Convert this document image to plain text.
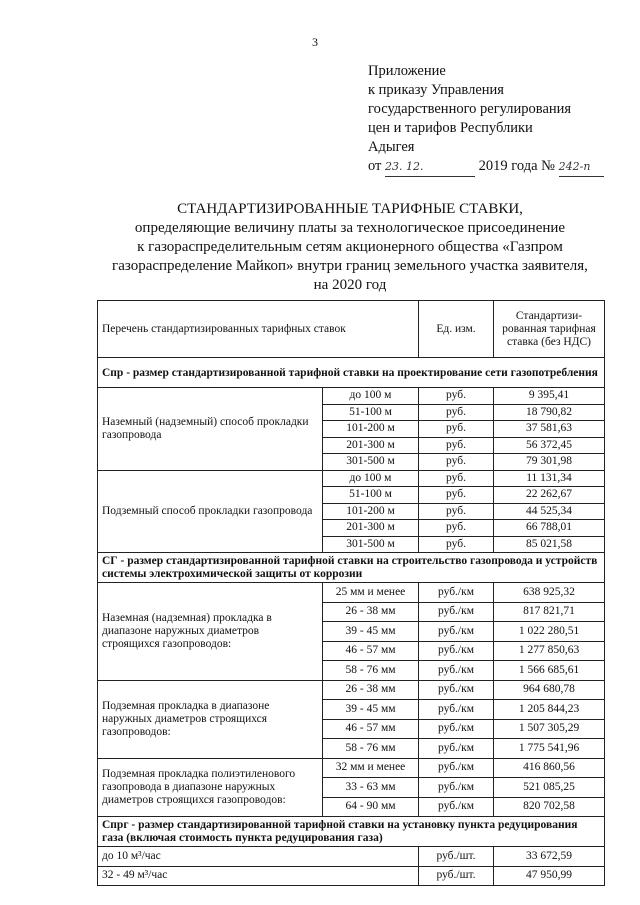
3
Приложение
к приказу Управления
государственного регулирования
цен и тарифов Республики
Адыгея
от 23. 12.	2019 года № 242-п
СТАНДАРТИЗИРОВАННЫЕ ТАРИФНЫЕ СТАВКИ,
определяющие величину платы за технологическое присоединение
к газораспределительным сетям акционерного общества «Газпром
газораспределение Майкоп» внутри границ земельного участка заявителя,
на 2020 год
Перечень стандартизированных тарифных ставок		Ед. изм.	Стандартизи-рованная тарифная ставка (без НДС)
Спр - размер стандартизированной тарифной ставки на проектирование сети газопотребления			
Наземный (надземный) способ прокладки газопровода	до 100 м	руб.	9 395,41
	51-100 м	руб.	18 790,82
	101-200 м	руб.	37 581,63
	201-300 м	руб.	56 372,45
	301-500 м	руб.	79 301,98
Подземный способ прокладки газопровода	до 100 м	руб.	11 131,34
	51-100 м	руб.	22 262,67
	101-200 м	руб.	44 525,34
	201-300 м	руб.	66 788,01
	301-500 м	руб.	85 021,58
СГ - размер стандартизированной тарифной ставки на строительство газопровода и устройств системы электрохимической защиты от коррозии			
Наземная (надземная) прокладка в диапазоне наружных диаметров строящихся газопроводов:	25 мм и менее	руб./км	638 925,32
	26 - 38 мм	руб./км	817 821,71
	39 - 45 мм	руб./км	1 022 280,51
	46 - 57 мм	руб./км	1 277 850,63
	58 - 76 мм	руб./км	1 566 685,61
Подземная прокладка в диапазоне наружных диаметров строящихся газопроводов:	26 - 38 мм	руб./км	964 680,78
	39 - 45 мм	руб./км	1 205 844,23
	46 - 57 мм	руб./км	1 507 305,29
	58 - 76 мм	руб./км	1 775 541,96
Подземная прокладка полиэтиленового газопровода в диапазоне наружных диаметров строящихся газопроводов:	32 мм и менее	руб./км	416 860,56
	33 - 63 мм	руб./км	521 085,25
	64 - 90 мм	руб./км	820 702,58
Спрг - размер стандартизированной тарифной ставки на установку пункта редуцирования газа (включая стоимость пункта редуцирования газа)			
до 10 м³/час		руб./шт.	33 672,59
32 - 49 м³/час		руб./шт.	47 950,99
